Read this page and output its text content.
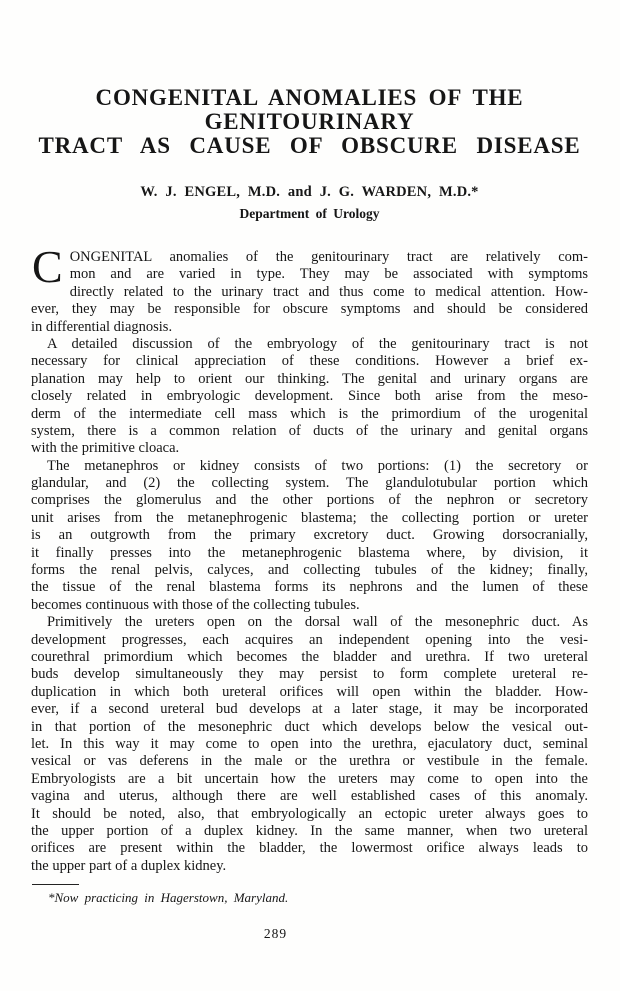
CONGENITAL ANOMALIES OF THE GENITOURINARY
TRACT AS CAUSE OF OBSCURE DISEASE
W. J. ENGEL, M.D. and J. G. WARDEN, M.D.*
Department of Urology
C ONGENITAL anomalies of the genitourinary tract are relatively com-
mon and are varied in type. They may be associated with symptoms
directly related to the urinary tract and thus come to medical attention. How-
ever, they may be responsible for obscure symptoms and should be considered
in differential diagnosis.
A detailed discussion of the embryology of the genitourinary tract is not
necessary for clinical appreciation of these conditions. However a brief ex-
planation may help to orient our thinking. The genital and urinary organs are
closely related in embryologic development. Since both arise from the meso-
derm of the intermediate cell mass which is the primordium of the urogenital
system, there is a common relation of ducts of the urinary and genital organs
with the primitive cloaca.
The metanephros or kidney consists of two portions: (1) the secretory or
glandular, and (2) the collecting system. The glandulotubular portion which
comprises the glomerulus and the other portions of the nephron or secretory
unit arises from the metanephrogenic blastema; the collecting portion or ureter
is an outgrowth from the primary excretory duct. Growing dorsocranially,
it finally presses into the metanephrogenic blastema where, by division, it
forms the renal pelvis, calyces, and collecting tubules of the kidney; finally,
the tissue of the renal blastema forms its nephrons and the lumen of these
becomes continuous with those of the collecting tubules.
Primitively the ureters open on the dorsal wall of the mesonephric duct. As
development progresses, each acquires an independent opening into the vesi-
courethral primordium which becomes the bladder and urethra. If two ureteral
buds develop simultaneously they may persist to form complete ureteral re-
duplication in which both ureteral orifices will open within the bladder. How-
ever, if a second ureteral bud develops at a later stage, it may be incorporated
in that portion of the mesonephric duct which develops below the vesical out-
let. In this way it may come to open into the urethra, ejaculatory duct, seminal
vesical or vas deferens in the male or the urethra or vestibule in the female.
Embryologists are a bit uncertain how the ureters may come to open into the
vagina and uterus, although there are well established cases of this anomaly.
It should be noted, also, that embryologically an ectopic ureter always goes to
the upper portion of a duplex kidney. In the same manner, when two ureteral
orifices are present within the bladder, the lowermost orifice always leads to
the upper part of a duplex kidney.
*Now practicing in Hagerstown, Maryland.
289
